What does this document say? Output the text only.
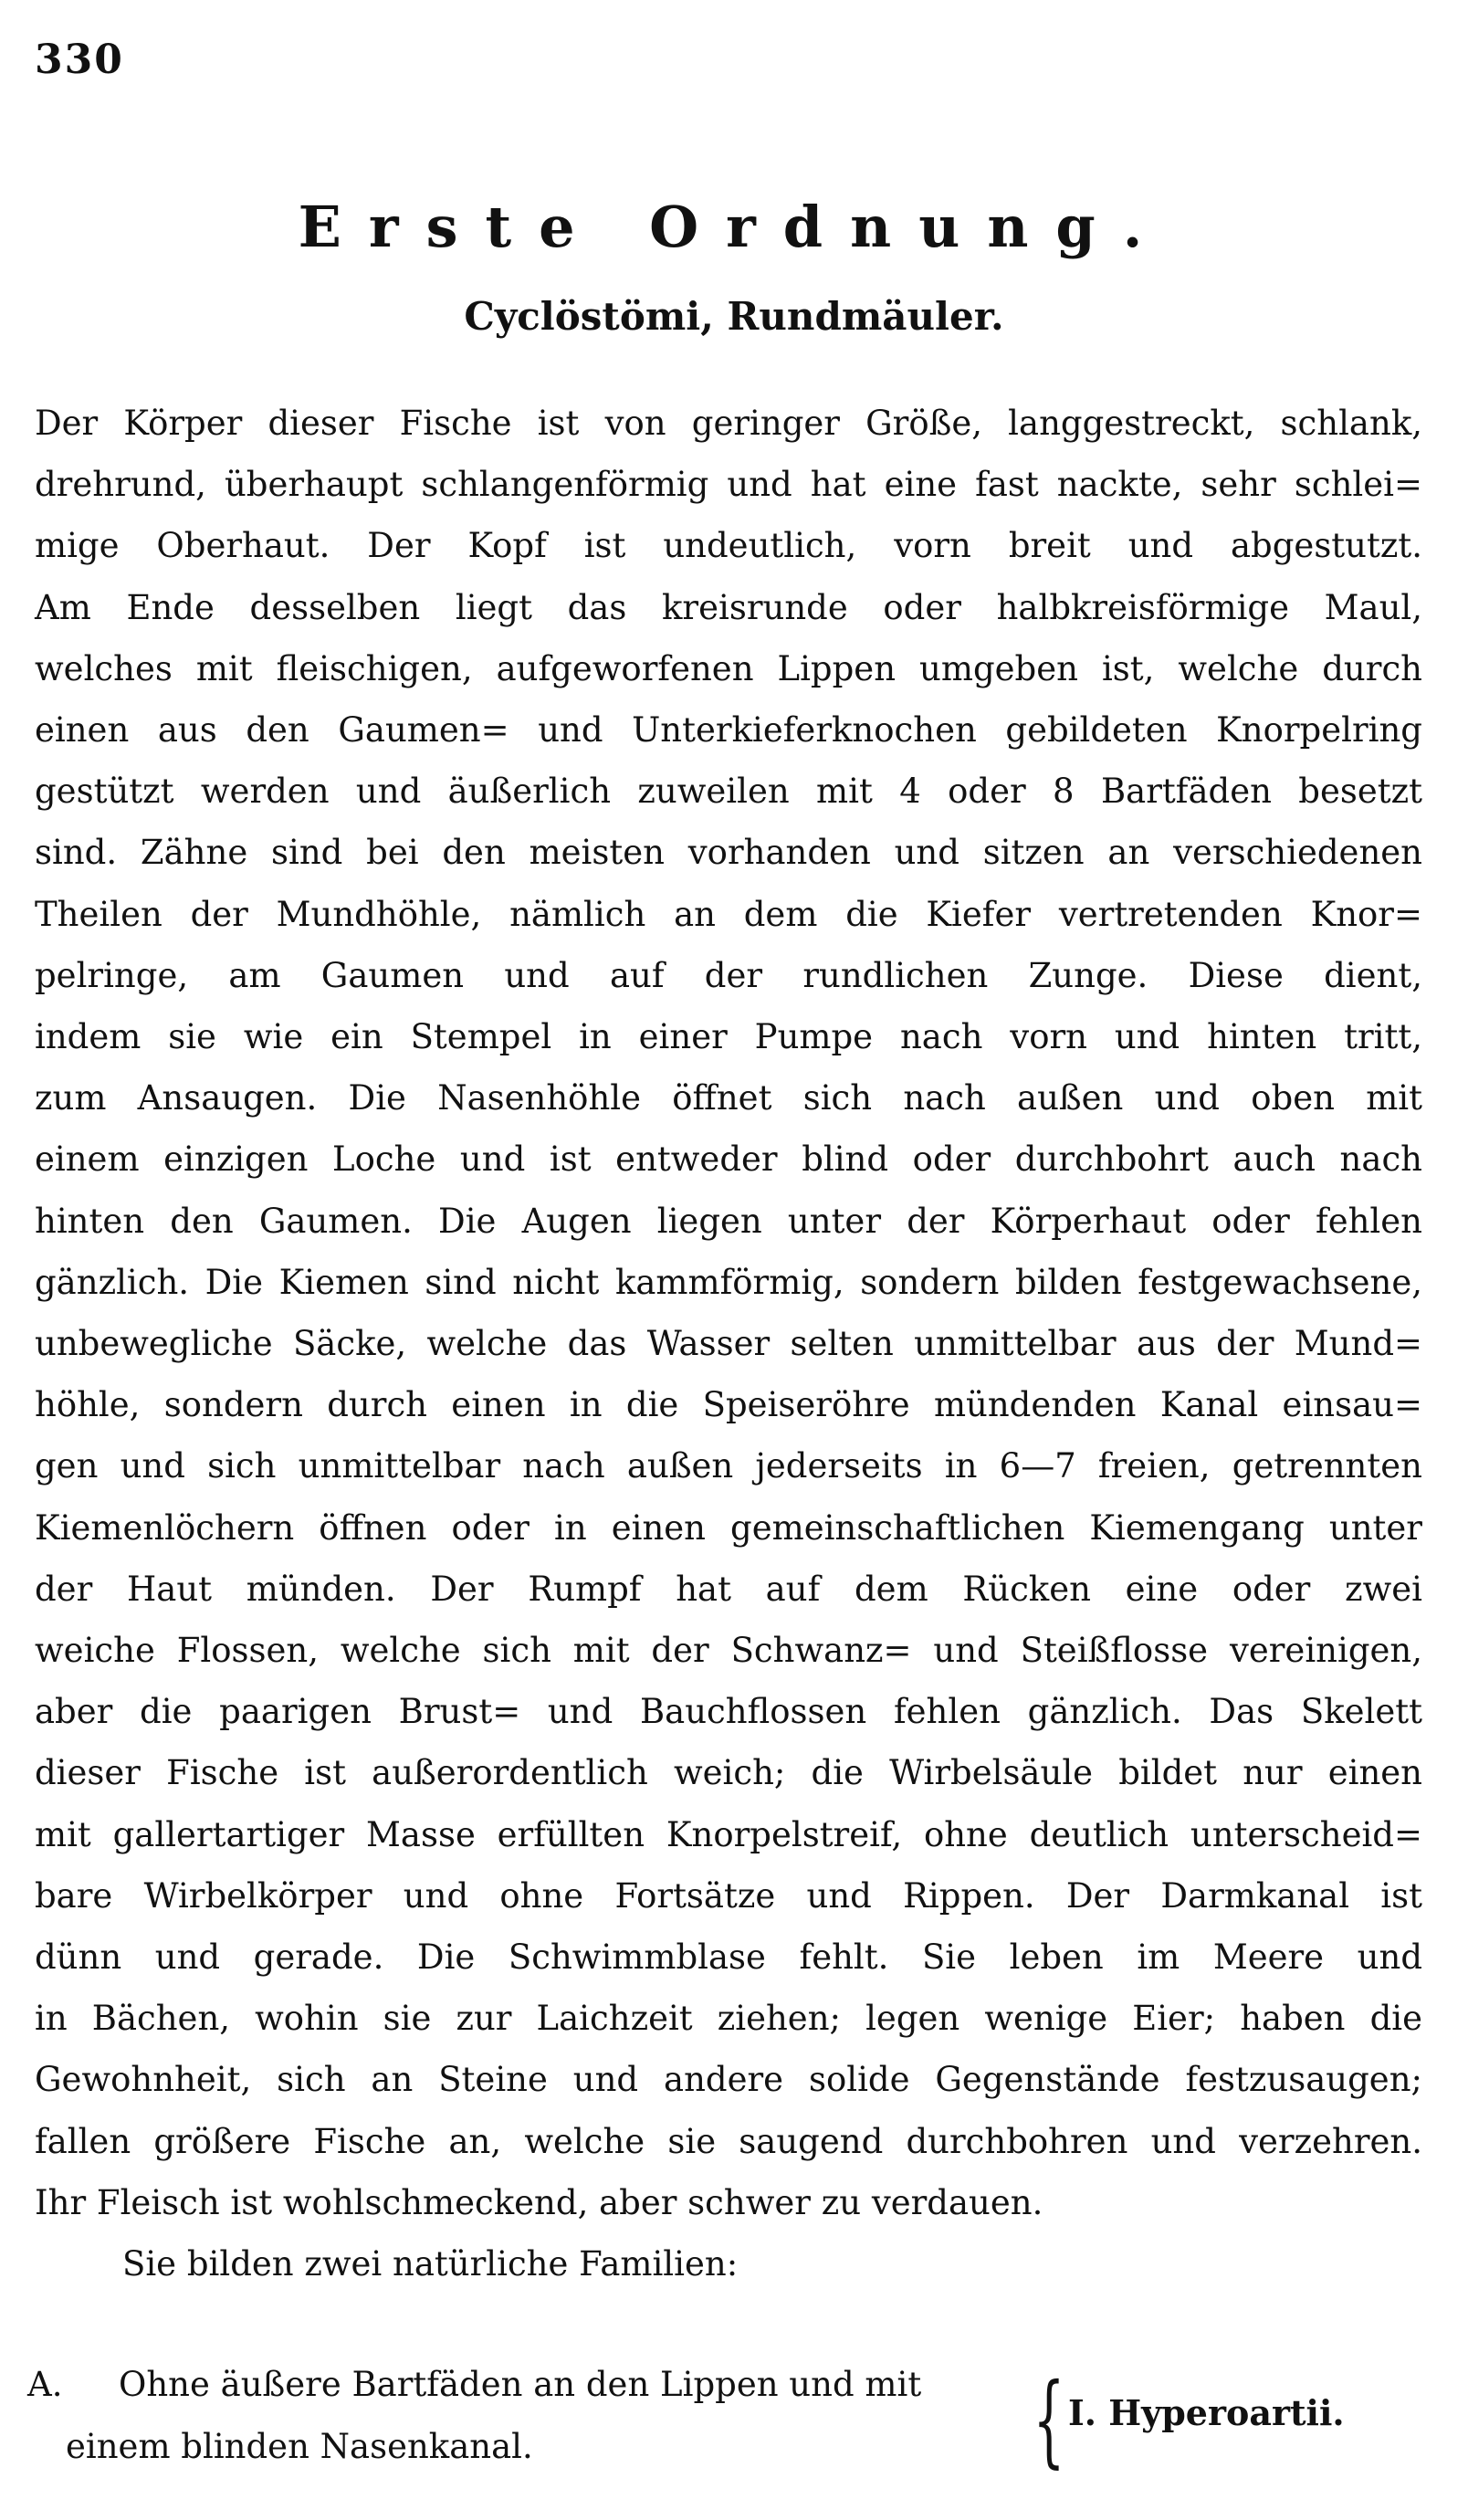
330
Erste Ordnung.
Cyclöstömi, Rundmäuler.
Der Körper dieser Fische ist von geringer Größe, langgestreckt, schlank,
drehrund, überhaupt schlangenförmig und hat eine fast nackte, sehr schlei=
mige Oberhaut. Der Kopf ist undeutlich, vorn breit und abgestutzt.
Am Ende desselben liegt das kreisrunde oder halbkreisförmige Maul,
welches mit fleischigen, aufgeworfenen Lippen umgeben ist, welche durch
einen aus den Gaumen= und Unterkieferknochen gebildeten Knorpelring
gestützt werden und äußerlich zuweilen mit 4 oder 8 Bartfäden besetzt
sind. Zähne sind bei den meisten vorhanden und sitzen an verschiedenen
Theilen der Mundhöhle, nämlich an dem die Kiefer vertretenden Knor=
pelringe, am Gaumen und auf der rundlichen Zunge. Diese dient,
indem sie wie ein Stempel in einer Pumpe nach vorn und hinten tritt,
zum Ansaugen. Die Nasenhöhle öffnet sich nach außen und oben mit
einem einzigen Loche und ist entweder blind oder durchbohrt auch nach
hinten den Gaumen. Die Augen liegen unter der Körperhaut oder fehlen
gänzlich. Die Kiemen sind nicht kammförmig, sondern bilden festgewachsene,
unbewegliche Säcke, welche das Wasser selten unmittelbar aus der Mund=
höhle, sondern durch einen in die Speiseröhre mündenden Kanal einsau=
gen und sich unmittelbar nach außen jederseits in 6—7 freien, getrennten
Kiemenlöchern öffnen oder in einen gemeinschaftlichen Kiemengang unter
der Haut münden. Der Rumpf hat auf dem Rücken eine oder zwei
weiche Flossen, welche sich mit der Schwanz= und Steißflosse vereinigen,
aber die paarigen Brust= und Bauchflossen fehlen gänzlich. Das Skelett
dieser Fische ist außerordentlich weich; die Wirbelsäule bildet nur einen
mit gallertartiger Masse erfüllten Knorpelstreif, ohne deutlich unterscheid=
bare Wirbelkörper und ohne Fortsätze und Rippen. Der Darmkanal ist
dünn und gerade. Die Schwimmblase fehlt. Sie leben im Meere und
in Bächen, wohin sie zur Laichzeit ziehen; legen wenige Eier; haben die
Gewohnheit, sich an Steine und andere solide Gegenstände festzusaugen;
fallen größere Fische an, welche sie saugend durchbohren und verzehren.
Ihr Fleisch ist wohlschmeckend, aber schwer zu verdauen.
Sie bilden zwei natürliche Familien:
A. Ohne äußere Bartfäden an den Lippen und mit
einem blinden Nasenkanal.	{ I. Hyperoartii.
